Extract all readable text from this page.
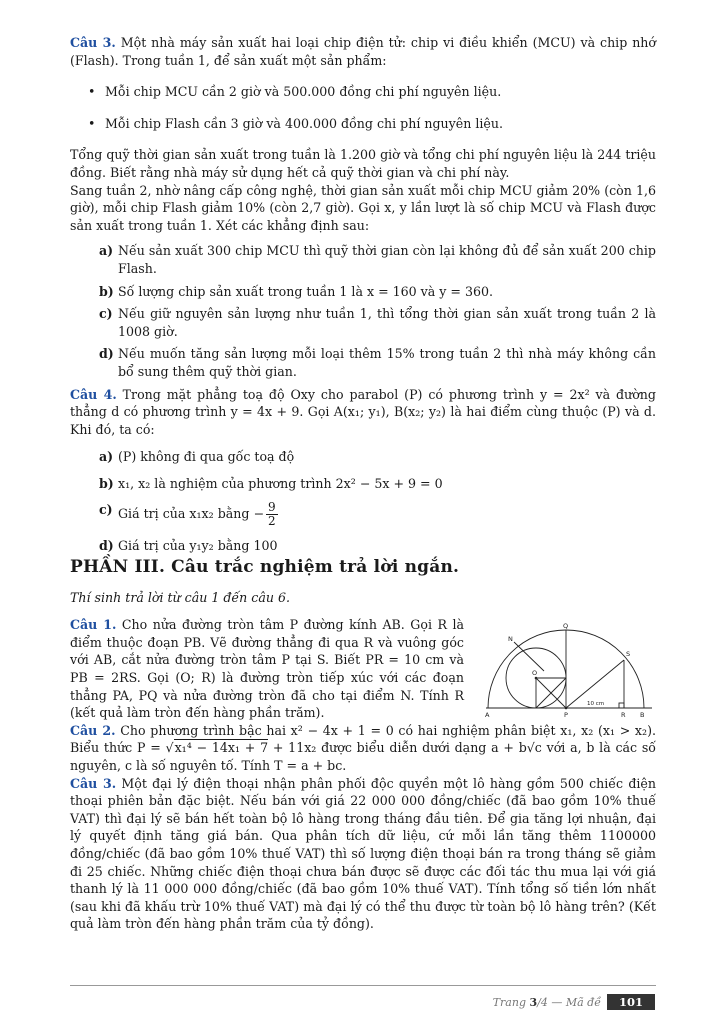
Câu 3. Một nhà máy sản xuất hai loại chip điện tử: chip vi điều khiển (MCU) và chip nhớ (Flash). Trong tuần 1, để sản xuất một sản phẩm:

• Mỗi chip MCU cần 2 giờ và 500.000 đồng chi phí nguyên liệu.
• Mỗi chip Flash cần 3 giờ và 400.000 đồng chi phí nguyên liệu.

Tổng quỹ thời gian sản xuất trong tuần là 1.200 giờ và tổng chi phí nguyên liệu là 244 triệu đồng. Biết rằng nhà máy sử dụng hết cả quỹ thời gian và chi phí này.

Sang tuần 2, nhờ nâng cấp công nghệ, thời gian sản xuất mỗi chip MCU giảm 20% (còn 1,6 giờ), mỗi chip Flash giảm 10% (còn 2,7 giờ). Gọi x, y lần lượt là số chip MCU và Flash được sản xuất trong tuần 1. Xét các khẳng định sau:

a) Nếu sản xuất 300 chip MCU thì quỹ thời gian còn lại không đủ để sản xuất 200 chip Flash.
b) Số lượng chip sản xuất trong tuần 1 là x = 160 và y = 360.
c) Nếu giữ nguyên sản lượng như tuần 1, thì tổng thời gian sản xuất trong tuần 2 là 1008 giờ.
d) Nếu muốn tăng sản lượng mỗi loại thêm 15% trong tuần 2 thì nhà máy không cần bổ sung thêm quỹ thời gian.

Câu 4. Trong mặt phẳng toạ độ Oxy cho parabol (P) có phương trình y = 2x² và đường thẳng d có phương trình y = 4x + 9. Gọi A(x₁; y₁), B(x₂; y₂) là hai điểm cùng thuộc (P) và d. Khi đó, ta có:

a) (P) không đi qua gốc toạ độ
b) x₁, x₂ là nghiệm của phương trình 2x² − 5x + 9 = 0
c) Giá trị của x₁x₂ bằng − $\frac{9}{2}$
d) Giá trị của y₁y₂ bằng 100
PHẦN III. Câu trắc nghiệm trả lời ngắn.
Thí sinh trả lời từ câu 1 đến câu 6.

Câu 1. Cho nửa đường tròn tâm P đường kính AB. Gọi R là điểm thuộc đoạn PB. Vẽ đường thẳng đi qua R và vuông góc với AB, cắt nửa đường tròn tâm P tại S. Biết PR = 10 cm và PB = 2RS. Gọi (O; R) là đường tròn tiếp xúc với các đoạn thẳng PA, PQ và nửa đường tròn đã cho tại điểm N. Tính R (kết quả làm tròn đến hàng phần trăm).

Q
N
O
S
A	P	R B
10 cm

Câu 2. Cho phương trình bậc hai x² − 4x + 1 = 0 có hai nghiệm phân biệt x₁, x₂ (x₁ > x₂). Biểu thức P = √x₁⁴ − 14x₁ + 7 + 11x₂ được biểu diễn dưới dạng a + b√c với a, b là các số nguyên, c là số nguyên tố. Tính T = a + bc.

Câu 3. Một đại lý điện thoại nhận phân phối độc quyền một lô hàng gồm 500 chiếc điện thoại phiên bản đặc biệt. Nếu bán với giá 22 000 000 đồng/chiếc (đã bao gồm 10% thuế VAT) thì đại lý sẽ bán hết toàn bộ lô hàng trong tháng đầu tiên. Để gia tăng lợi nhuận, đại lý quyết định tăng giá bán. Qua phân tích dữ liệu, cứ mỗi lần tăng thêm 1100000 đồng/chiếc (đã bao gồm 10% thuế VAT) thì số lượng điện thoại bán ra trong tháng sẽ giảm đi 25 chiếc. Những chiếc điện thoại chưa bán được sẽ được các đối tác thu mua lại với giá thanh lý là 11 000 000 đồng/chiếc (đã bao gồm 10% thuế VAT). Tính tổng số tiền lớn nhất (sau khi đã khấu trừ 10% thuế VAT) mà đại lý có thể thu được từ toàn bộ lô hàng trên? (Kết quả làm tròn đến hàng phần trăm của tỷ đồng).

Trang 3/4 — Mã đề 101
